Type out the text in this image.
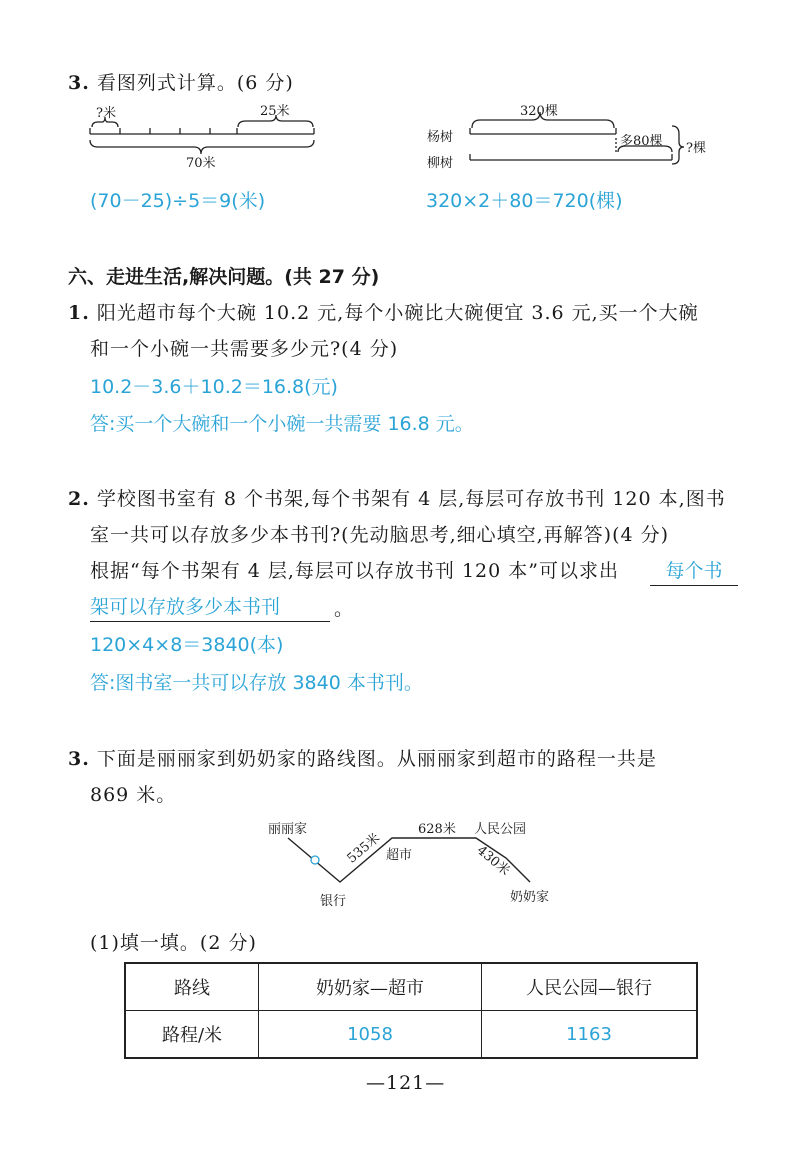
3. 看图列式计算。(6 分)
?米	25米
70米
320棵
杨树
柳树
多80棵 ?棵
(70－25)÷5＝9(米)	320×2＋80＝720(棵)
六、走进生活,解决问题。(共 27 分)
1. 阳光超市每个大碗 10.2 元,每个小碗比大碗便宜 3.6 元,买一个大碗
和一个小碗一共需要多少元?(4 分)
10.2－3.6＋10.2＝16.8(元)
答:买一个大碗和一个小碗一共需要 16.8 元。
2. 学校图书室有 8 个书架,每个书架有 4 层,每层可存放书刊 120 本,图书
室一共可以存放多少本书刊?(先动脑思考,细心填空,再解答)(4 分)
根据“每个书架有 4 层,每层可以存放书刊 120 本”可以求出	每个书
架可以存放多少本书刊	。
120×4×8＝3840(本)
答:图书室一共可以存放 3840 本书刊。
3. 下面是丽丽家到奶奶家的路线图。从丽丽家到超市的路程一共是
869 米。
丽丽家
银行
超市
人民公园
奶奶家
535米
628米
430米
(1)填一填。(2 分)
路线	奶奶家—超市	人民公园—银行
路程/米	1058	1163
—121—
